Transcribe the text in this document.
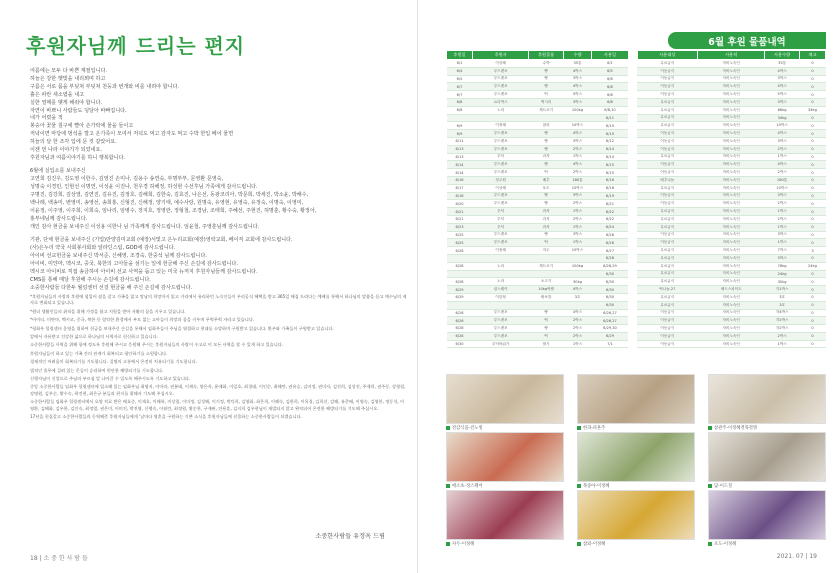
후원자님께 드리는 편지

여름에는 모두 다 바쁜 계절입니다.
하늘은 강한 햇빛을 내리쬐며 하고
구름은 서로 몸을 부딪쳐 부딪쳐 천둥과 번개와 비를 내려야 합니다.
흙은 파란 새소엽을 내고
실한 열매를 맺게 해줘야 합니다.
자연이 바쁘니 사람들도 덩달아 바빠집니다.
내가 어렸을 적
봉숭아 꽃물 칠구에 빨아 손가락에 물을 들이고
저녁이면 마당에 멍석을 깔고 온가족이 모여서 저녁도 먹고 감자도 먹고 수박 한입 베어 물면
하늘의 달 한 조각 입에 문 것 같았어요.
이젠 먼 나라 이야기가 되었네요.
후원자님과 여름이야기를 하니 행복합니다.

6월에 실입소를 보내주신
고연희 김진우, 김도영 이한수, 김영진 손미나, 김용수 송연숙, 부명부부, 문영환 문영숙,
성명숙 이경민, 인현선 이명연, 이성윤 이진나, 천우경 허해정, 하성현 수선후님 가족에게 감사드립니다.
구명진, 김강희, 김상열, 김연진, 김유진, 김정호, 김해희, 김한숙, 김효진, 나은선, 동광코리아, 박문희, 박세진, 박소윤, 박해수,
백나래, 백송미, 변영미, 송영선, 송희홍, 신형진, 신해정, 양기태, 예수사랑, 원명숙, 유영현, 유영숙, 유정숙, 이명숙, 이영미,
이윤정, 이주영, 이주희, 이희숙, 임나리, 임병수, 장지호, 정영란, 정형철, 조경남, 조태희, 주혜선, 주현진, 허명훈, 황수숙, 황정아,
홍부네님께 감사드립니다.
개인 감사 현금을 보내주신 이성용 이한나 님 가족께게 감사드립니다. 임윤철, 주영훈님께 감사드립니다.

기관, 단체 현금을 보내주신 (기업)만양김미교회 (예장)서빛고 은누리교회(예장)영락교회, 베이직 교회에 감사드립니다.
(사)은누리 약국 사회봉사회와 알라딘스팀, GOD에 감사드립니다.
아이비 선교헌금을 보내주신 박서준, 신혜영, 조경숙, 한중석 님께 감사드립니다.
아이비, 미얀마, 멕시코, 중국, 북한의 고아들을 섬기는 일에 헌금해 주신 손길에 감사드립니다.
멕시코 아이비로 직접 송금하여 아이비 선교 사역을 돕고 있는 미국 뉴저지 후원자님들께 감사드립니다.
CMS를 통해 매달 후원해 주시는 손길에 감사드립니다.
소중한사람들 다한두 월링센터 선걸 현금을 해 주신 손길에 감사드립니다.

*후원자님들의 사랑과 후원에 힘입어 잠을 잘고 가족을 잃고 망남의 희망마저 잃고 거리에서 유리하던 노숙인들이 우리공식 혜택을 받고 365일 해집 드리다는 예배를 통해서 하나님의 말씀을 듣고 예수님의 제자로 변화되고 있습니다.

*원더 생활인들의 취직을 위해 가정을 함고 지원을 받아 자활의 꿈을 키우고 있습니다.

*아이티, 미얀마, 멕시코, 중국, 북한 등 열악한 환경에서 부모 없는 고아들이 희망과 꿈을 키우며 무럭무럭 자라고 있습니다.

*평화우 힐링센터 운영을 위하여 헌금을 보내주신 손길을 통해서 임화우들이 주님을 영접하고 현대를 소망하며 구원받고 있습니다. 환우와 가족들이 구원받고 있습니다.

앞에서 자유받고 건강한 삶으로 하나님의 사역자로 헌신하고 있습니다.

소중한사람들 사역을 위해 항께 정도록 후원해 주시고 응원해 주시는 후원자님들의 사랑이 수고로 이 모든 사역을 할 수 있게 하고 있습니다.

후원자님들이 하고 있는 가족 간의 관계가 회복되고 평안하기를 소원합니다.

경제적인 어려움이 회복되기를 기도합니다. 질병의 고통에서 온전히 치유되기를 기도합니다.

법적인 올무에 걸려 있는 문들이 승리하여 편안한 해방되기를 기도합니다.

신행자님이 신앙으로 주님의 부르심 앞 나아갈 수 있도록 해주시도록 기도하고 있습니다.

중앙 소중한사람들 임화우 힐링센터에 입소해 있는 임화우님 최영지, 이미라, 권분태, 이재숙, 양은옥, 윤애화, 이일호, 최경태, 이인순, 최해란, 권유승, 김미정, 권미자, 김진희, 김상진, 주재희, 권주동, 강형림, 강명원, 김우순, 황수숙, 곽진현, 최은규 분들과 편지를 위해서 기도해 주십시오.

소중한사람들 임화우 힐링센터에서 요양 치료 받은 배호중, 이재호, 이해학, 이상철, 이미정, 김성해, 이기정, 박덕희, 김영화, 최은희, 이해숙, 김한희, 이옥경, 김희선, 감해, 유준배, 이영숙, 김영한, 정동석, 이영환, 김해화, 김우한, 김인숙, 최정열, 권은미, 이미진, 박진영, 신쟁숙, 이월란, 최정원, 황순찬, 구재판, 안용훈, 김지희 김우현님이 재발되지 않고 완치되어 온전한 해방되기를 기도해 주십시오.

17년을 헌집갖고 소중한사람들과 동역해준 후원자님들에게 '날마다 영혼을 구원하는 기쁜 소식을 후원자님들께 선물하는 소중한사람들이 되겠습니다.

소중한사람들 유정옥 드림
18 | 소 중 한 사 람 들
6월 후원 물품내역
후원일	후원자	후원물품	수량	사용일		사용대상	사용처	사용수량	재고
6/1	이상혜	수박	35통	6/1		무료급식	자비노숙인	35통	0
6/4	투드렌포	빵	4박스	6/5		이동급식	자비노숙인	4박스	0
6/5	투드렌포	빵	3박스	6/6		이동급식	자비노숙인	3박스	0
6/7	투드렌포	빵	4박스	6/8		이동급식	자비노숙인	4박스	0
6/7	투드렌포	떡	5박스	6/8		이동급식	자비노숙인	5박스	0
6/8	요리박스	떡시리	3박스	6/8		무료급식	자비노숙인	3박스	0
6/8	노라	제트코기	100kg	6/8,10		무료급식	자비노숙인	66kg	34kg
				6/11		무료급식	자비노숙인	34kg	0
6/9	이정혜	참외	10박스	6/10		무료급식	자비노숙인	10박스	0
6/9	투드렌포	빵	4박스	6/10		이동급식	자비노숙인	4박스	0
6/11	투드렌포	빵	3박스	6/12		이동급식	자비노숙인	3박스	0
6/13	투드렌포	빵	2박스	6/14		이동급식	자비노숙인	2박스	0
6/13	투덕	과자	1박스	6/14		무료급식	자비노숙인	1박스	0
6/14	투드렌포	빵	4박스	6/15		이동급식	자비노숙인	4박스	0
6/14	투드렌포	떡	2박스	6/15		이동급식	자비노숙인	2박스	0
6/16	청주원	배추	180통	6/16		배추나눔	자비노숙인	180통	0
6/17	이상혜	포도	10박스	6/18		무료급식	자비노숙인	10박스	0
6/18	투드렌포	빵	3박스	6/19		이동급식	자비노숙인	3박스	0
6/20	투드렌포	빵	2박스	6/21		이동급식	자비노숙인	2박스	0
6/21	투덕	과자	1박스	6/22		무료급식	자비노숙인	1박스	0
6/21	투덕	과자	2박스	6/22		무료급식	자비노숙인	2박스	0
6/23	투덕	과자	1박스	6/24		무료급식	자비노숙인	1박스	0
6/25	투드렌포	빵	3박스	6/26		이동급식	자비노숙인	3박스	0
6/25	투드렌포	떡	1박스	6/26		이동급식	자비노숙인	1박스	0
6/26	이정혜	자두	10박스	6/27		무료급식	자비노숙인	7박스	3
				6/28		무료급식	자비노숙인	3박스	0
6/28	노라	제트코기	100kg	6/28,29		무료급식	자비노숙인	76kg	24kg
				6/30		무료급식	자비노숙인	24kg	0
6/28	노라	소고기	30kg	6/30		무료급식	자비노숙인	30kg	0
6/29	링스레이	10kg떡쌀	4박스	6/30		떡나눔,27	베드스파이트	각1박스	0
6/29	이한철	팔보밥	3호	6/30		무료급식	자비노숙인	3호	0
				6/30		무료급식	자비노숙인	3호	0
6/26	투드렌포	빵	4박스	6/26,27		이동급식	자비노숙인	각4박스	0
6/26	투드렌포	떡	2박스	6/26,27		이동급식	자비노숙인	각2박스	0
6/28	투드렌포	빵	2박스	6/29,30		이동급식	자비노숙인	각2박스	0
6/28	투드렌포	떡	2박스	6/29		이동급식	자비노숙인	2박스	0
6/30	투덕바위가	딸기	1박스	7/1		이동급식	자비노숙인	1박스	0
전감식품-견노빙	한과-파흔주	참관주-이정혜결목결명
애소초-정스페어	목송아-이정혜	담-이드칠
자두-이정혜	참외-이정혜	포도-이정혜
2021. 07 | 19
